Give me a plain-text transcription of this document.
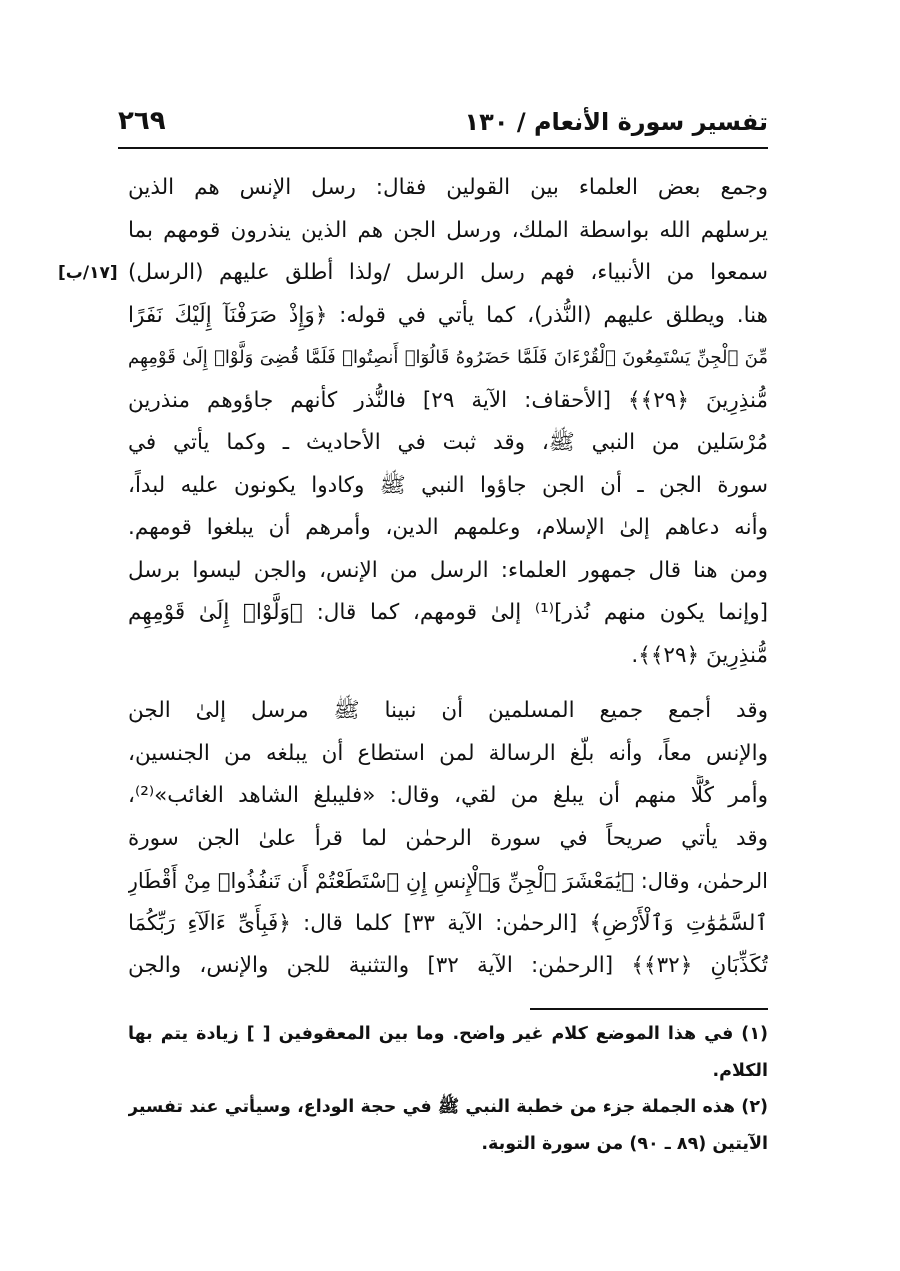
تفسير سورة الأنعام / ١٣٠
٢٦٩
[١٧/ب]
وجمع بعض العلماء بين القولين فقال: رسل الإنس هم الذين
يرسلهم الله بواسطة الملك، ورسل الجن هم الذين ينذرون قومهم بما
سمعوا من الأنبياء، فهم رسل الرسل /ولذا أطلق عليهم (الرسل)
هنا. ويطلق عليهم (النُّذر)، كما يأتي في قوله: ﴿وَإِذْ صَرَفْنَآ إِلَيْكَ نَفَرًا
مِّنَ ٱلْجِنِّ يَسْتَمِعُونَ ٱلْقُرْءَانَ فَلَمَّا حَضَرُوهُ قَالُوٓا۟ أَنصِتُوا۟ فَلَمَّا قُضِىَ وَلَّوْا۟ إِلَىٰ قَوْمِهِم
مُّنذِرِينَ ﴿٢٩﴾﴾ [الأحقاف: الآية ٢٩] فالنُّذر كأنهم جاؤوهم منذرين
مُرْسَلين من النبي ﷺ، وقد ثبت في الأحاديث ـ وكما يأتي في
سورة الجن ـ أن الجن جاؤوا النبي ﷺ وكادوا يكونون عليه لبداً،
وأنه دعاهم إلىٰ الإسلام، وعلمهم الدين، وأمرهم أن يبلغوا قومهم.
ومن هنا قال جمهور العلماء: الرسل من الإنس، والجن ليسوا برسل
[وإنما يكون منهم نُذر]⁽¹⁾ إلىٰ قومهم، كما قال: ﴿وَلَّوْا۟ إِلَىٰ قَوْمِهِم
مُّنذِرِينَ ﴿٢٩﴾﴾.
وقد أجمع جميع المسلمين أن نبينا ﷺ مرسل إلىٰ الجن
والإنس معاً، وأنه بلّغ الرسالة لمن استطاع أن يبلغه من الجنسين،
وأمر كُلًّا منهم أن يبلغ من لقي، وقال: «فليبلغ الشاهد الغائب»⁽²⁾،
وقد يأتي صريحاً في سورة الرحمٰن لما قرأ علىٰ الجن سورة
الرحمٰن، وقال: ﴿يَٰمَعْشَرَ ٱلْجِنِّ وَٱلْإِنسِ إِنِ ٱسْتَطَعْتُمْ أَن تَنفُذُوا۟ مِنْ أَقْطَارِ
ٱلسَّمَٰوَٰتِ وَٱلْأَرْضِ﴾ [الرحمٰن: الآية ٣٣] كلما قال: ﴿فَبِأَىِّ ءَالَآءِ رَبِّكُمَا
تُكَذِّبَانِ ﴿٣٢﴾﴾ [الرحمٰن: الآية ٣٢] والتثنية للجن والإنس، والجن
(١) في هذا الموضع كلام غير واضح. وما بين المعقوفين [ ] زيادة يتم بها
الكلام.
(٢) هذه الجملة جزء من خطبة النبي ﷺ في حجة الوداع، وسيأتي عند تفسير
الآيتين (٨٩ ـ ٩٠) من سورة التوبة.
